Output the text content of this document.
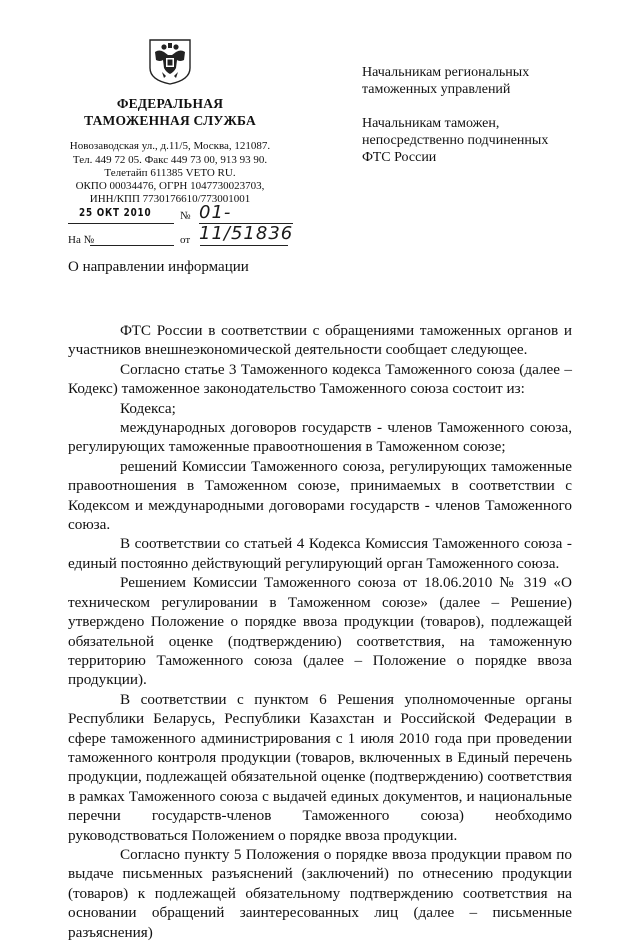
ФЕДЕРАЛЬНАЯ
ТАМОЖЕННАЯ СЛУЖБА
Новозаводская ул., д.11/5, Москва, 121087.
Тел. 449 72 05. Факс 449 73 00, 913 93 90.
Телетайп 611385 VETO RU.
ОКПО 00034476, ОГРН 1047730023703,
ИНН/КПП 7730176610/773001001
25 ОКТ 2010	№ 01-11/51836
На №	от
О направлении информации
Начальникам региональных
таможенных управлений
Начальникам таможен,
непосредственно подчиненных
ФТС России

ФТС России в соответствии с обращениями таможенных органов и участников внешнеэкономической деятельности сообщает следующее.

Согласно статье 3 Таможенного кодекса Таможенного союза (далее – Кодекс) таможенное законодательство Таможенного союза состоит из:

Кодекса;

международных договоров государств - членов Таможенного союза, регулирующих таможенные правоотношения в Таможенном союзе;

решений Комиссии Таможенного союза, регулирующих таможенные правоотношения в Таможенном союзе, принимаемых в соответствии с Кодексом и международными договорами государств - членов Таможенного союза.

В соответствии со статьей 4 Кодекса Комиссия Таможенного союза - единый постоянно действующий регулирующий орган Таможенного союза.

Решением Комиссии Таможенного союза от 18.06.2010 № 319 «О техническом регулировании в Таможенном союзе» (далее – Решение) утверждено Положение о порядке ввоза продукции (товаров), подлежащей обязательной оценке (подтверждению) соответствия, на таможенную территорию Таможенного союза (далее – Положение о порядке ввоза продукции).

В соответствии с пунктом 6 Решения уполномоченные органы Республики Беларусь, Республики Казахстан и Российской Федерации в сфере таможенного администрирования с 1 июля 2010 года при проведении таможенного контроля продукции (товаров, включенных в Единый перечень продукции, подлежащей обязательной оценке (подтверждению) соответствия в рамках Таможенного союза с выдачей единых документов, и национальные перечни государств-членов Таможенного союза) необходимо руководствоваться Положением о порядке ввоза продукции.

Согласно пункту 5 Положения о порядке ввоза продукции правом по выдаче письменных разъяснений (заключений) по отнесению продукции (товаров) к подлежащей обязательному подтверждению соответствия на основании обращений заинтересованных лиц (далее – письменные разъяснения)
